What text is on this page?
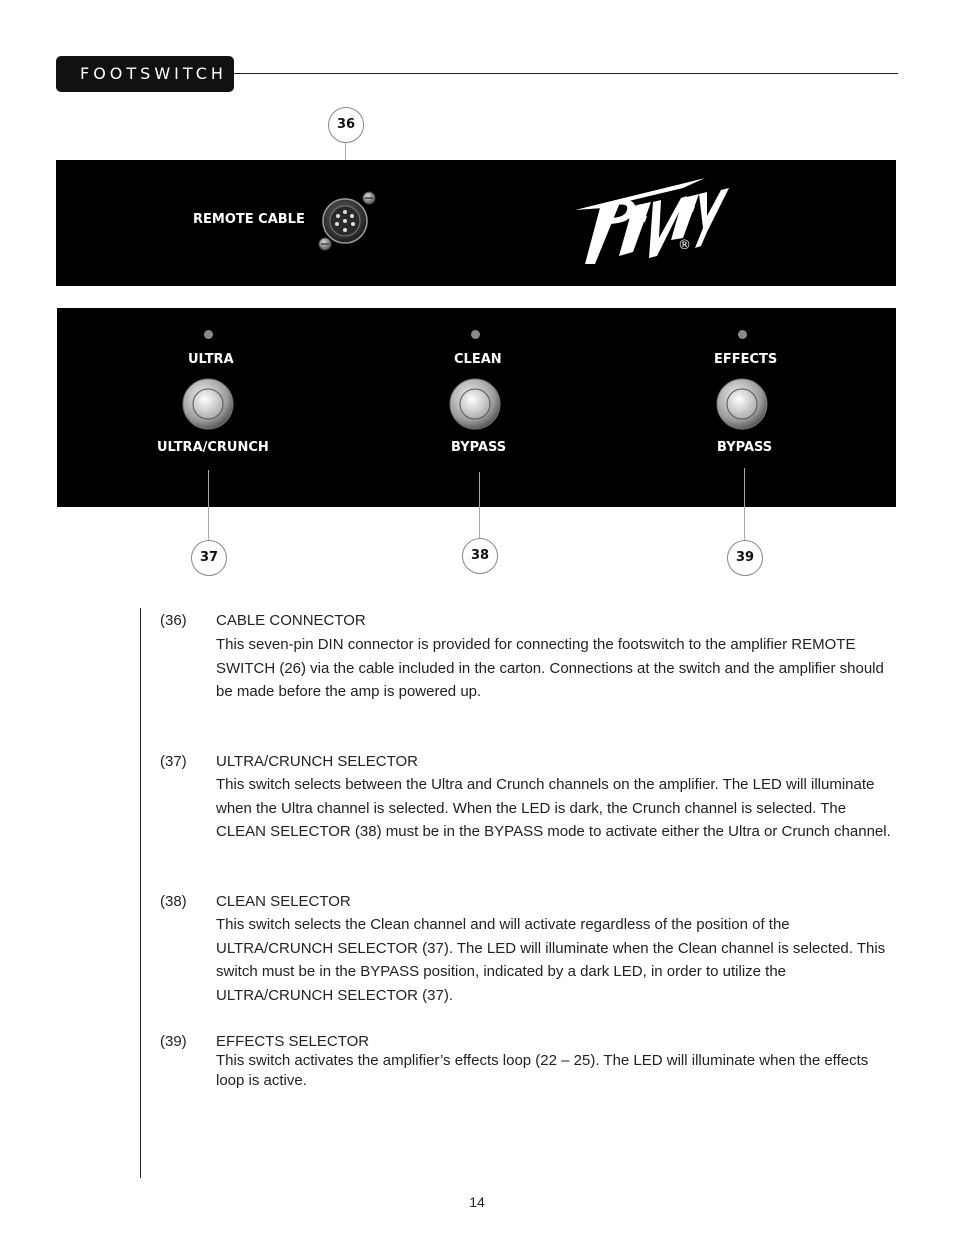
FOOTSWITCH
36
REMOTE CABLE
®
ULTRA
ULTRA/CRUNCH
CLEAN
BYPASS
EFFECTS
BYPASS
37	38	39
(36) CABLE CONNECTOR
This seven-pin DIN connector is provided for connecting the footswitch to the amplifier REMOTE SWITCH (26) via the cable included in the carton. Connections at the switch and the amplifier should be made before the amp is powered up.
(37) ULTRA/CRUNCH SELECTOR
This switch selects between the Ultra and Crunch channels on the amplifier. The LED will illuminate when the Ultra channel is selected. When the LED is dark, the Crunch channel is selected. The CLEAN SELECTOR (38) must be in the BYPASS mode to activate either the Ultra or Crunch channel.
(38) CLEAN SELECTOR
This switch selects the Clean channel and will activate regardless of the position of the ULTRA/CRUNCH SELECTOR (37). The LED will illuminate when the Clean channel is selected. This switch must be in the BYPASS position, indicated by a dark LED, in order to utilize the ULTRA/CRUNCH SELECTOR (37).
(39) EFFECTS SELECTOR
This switch activates the amplifier’s effects loop (22 – 25). The LED will illuminate when the effects loop is active.
14
